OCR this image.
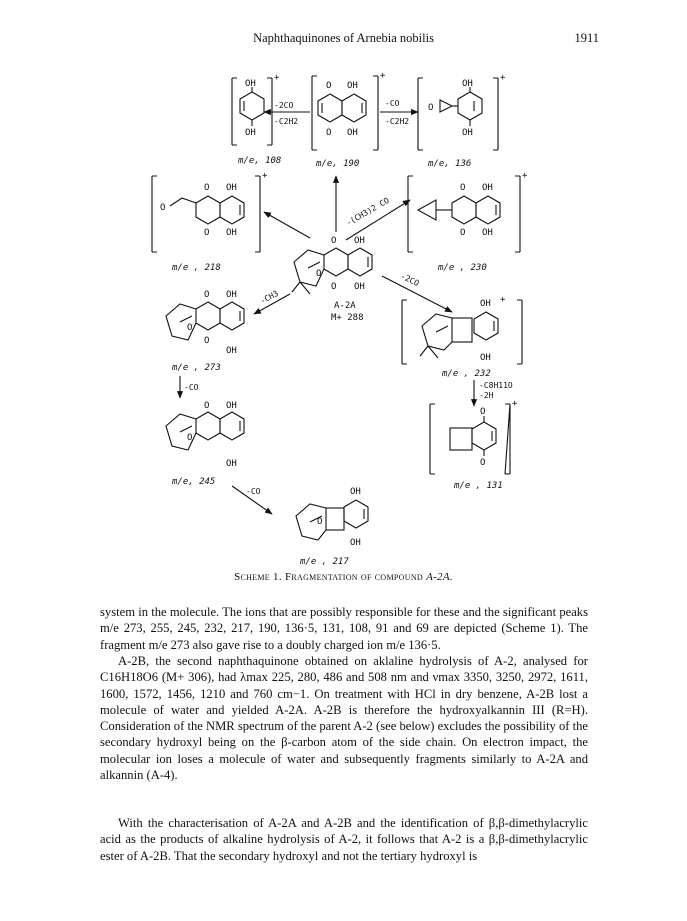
Naphthaquinones of Arnebia nobilis	1911
OH
OH
+
m/e, 108
-2CO
-C2H2
O OH
O OH
+
m/e, 190
-CO
-C2H2
O
OH
OH
+
m/e, 136
O OH
O
O OH
+
m/e , 218
-(CH3)2 CO
O OH
O OH
+
m/e , 230
O OH
O
O OH
A-2A
M+ 288
-CH3
-2CO
O OH
O
O
OH
m/e , 273
-CO
O OH
O
OH
m/e, 245
-CO	OH
O
OH
m/e , 217
OH
OH
+
m/e , 232
-C8H11O
-2H
O
O
+
m/e , 131
Scheme 1. Fragmentation of compound A-2A.

system in the molecule. The ions that are possibly responsible for these and the significant peaks m/e 273, 255, 245, 232, 217, 190, 136·5, 131, 108, 91 and 69 are depicted (Scheme 1). The fragment m/e 273 also gave rise to a doubly charged ion m/e 136·5.

A-2B, the second naphthaquinone obtained on aklaline hydrolysis of A-2, analysed for C16H18O6 (M+ 306), had λmax 225, 280, 486 and 508 nm and νmax 3350, 3250, 2972, 1611, 1600, 1572, 1456, 1210 and 760 cm−1. On treatment with HCl in dry benzene, A-2B lost a molecule of water and yielded A-2A. A-2B is therefore the hydroxyalkannin III (R=H). Consideration of the NMR spectrum of the parent A-2 (see below) excludes the possibility of the secondary hydroxyl being on the β-carbon atom of the side chain. On electron impact, the molecular ion loses a molecule of water and subsequently fragments similarly to A-2A and alkannin (A-4).

With the characterisation of A-2A and A-2B and the identification of β,β-dimethylacrylic acid as the products of alkaline hydrolysis of A-2, it follows that A-2 is a β,β-dimethylacrylic ester of A-2B. That the secondary hydroxyl and not the tertiary hydroxyl is
